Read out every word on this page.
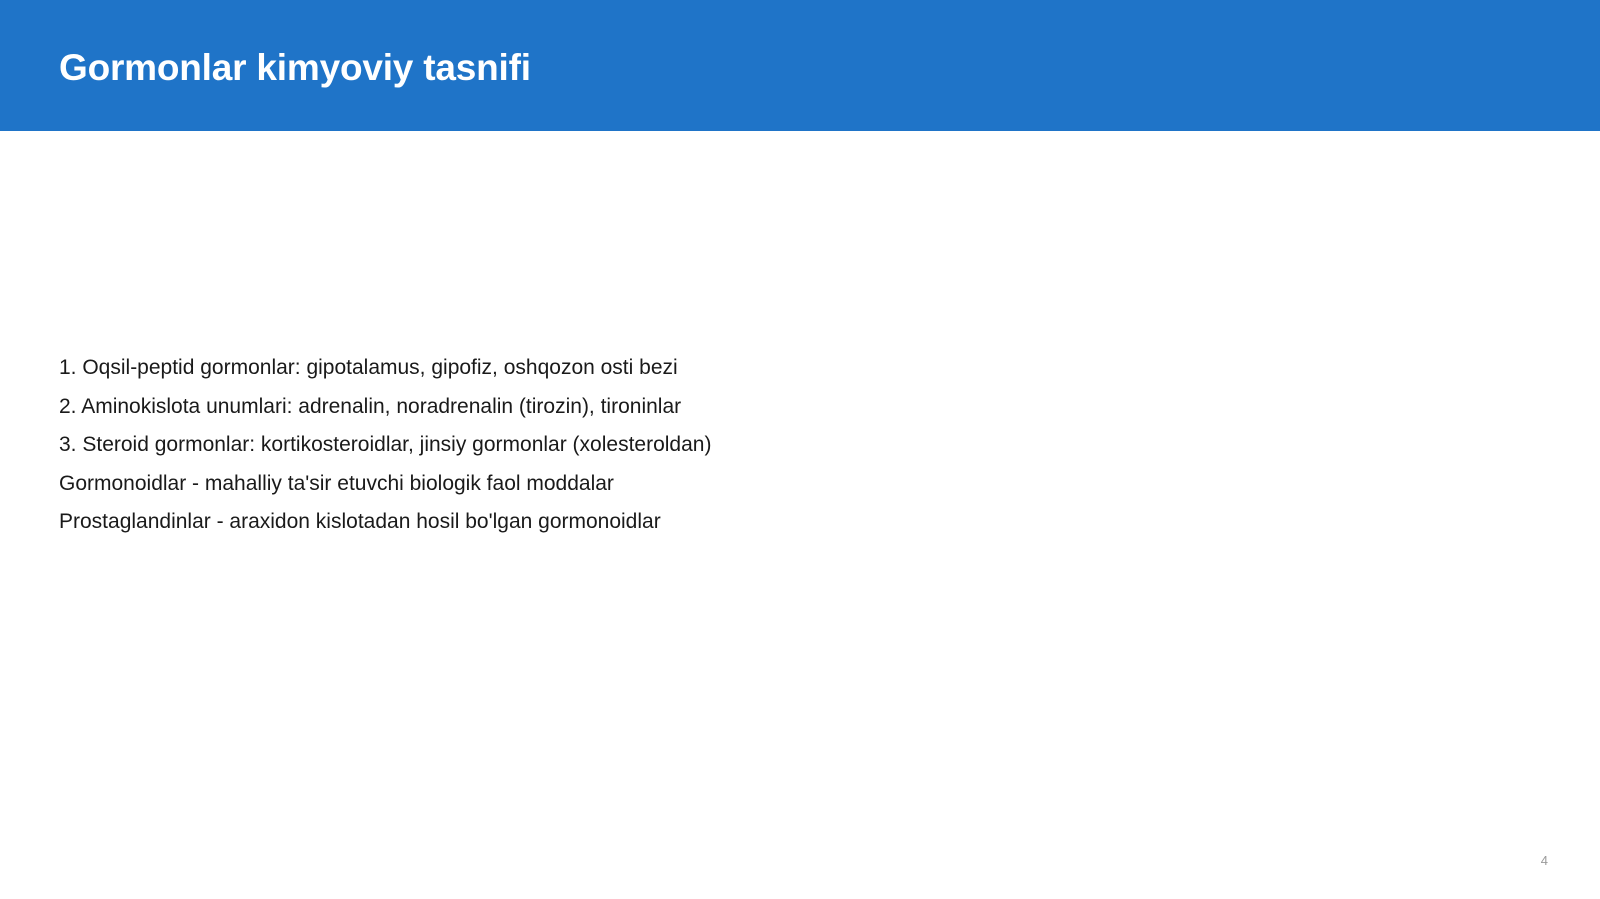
Gormonlar kimyoviy tasnifi
1. Oqsil-peptid gormonlar: gipotalamus, gipofiz, oshqozon osti bezi
2. Aminokislota unumlari: adrenalin, noradrenalin (tirozin), tironinlar
3. Steroid gormonlar: kortikosteroidlar, jinsiy gormonlar (xolesteroldan)
Gormonoidlar - mahalliy ta'sir etuvchi biologik faol moddalar
Prostaglandinlar - araxidon kislotadan hosil bo'lgan gormonoidlar
4
